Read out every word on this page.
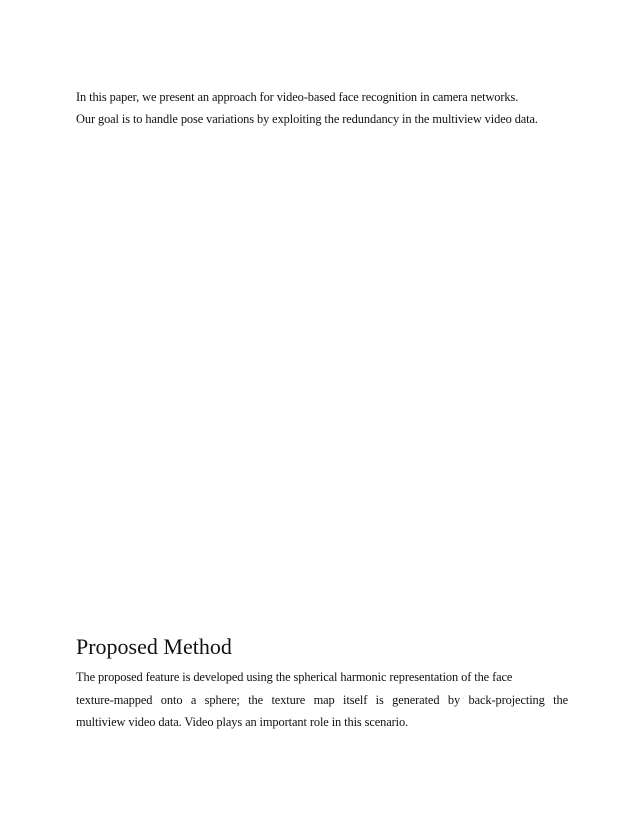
In this paper, we present an approach for video-based face recognition in camera networks.
Our goal is to handle pose variations by exploiting the redundancy in the multiview video data.
Proposed Method
The proposed feature is developed using the spherical harmonic representation of the face
texture-mapped onto a sphere; the texture map itself is generated by back-projecting the
multiview video data. Video plays an important role in this scenario.
